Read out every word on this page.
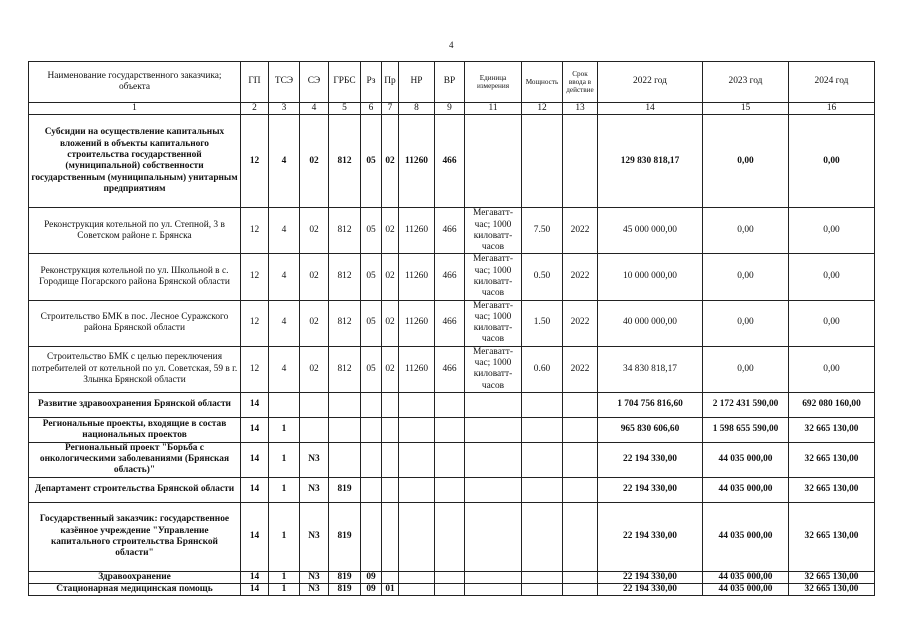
4
Наименование государственного заказчика; объекта	ГП	ТСЭ	СЭ	ГРБС	Рз	Пр	НР	ВР	Единица измерения	Мощность	Срок ввода в действие	2022 год	2023 год	2024 год
1	2	3	4	5	6	7	8	9	11	12	13	14	15	16
Субсидии на осуществление капитальных вложений в объекты капитального строительства государственной (муниципальной) собственности государственным (муниципальным) унитарным предприятиям	12	4	02	812	05	02	11260	466				129 830 818,17	0,00	0,00
Реконструкция котельной по ул. Степной, 3 в Советском районе г. Брянска	12	4	02	812	05	02	11260	466	Мегаватт-час; 1000 киловатт-часов	7.50	2022	45 000 000,00	0,00	0,00
Реконструкция котельной по ул. Школьной в с. Городище Погарского района Брянской области	12	4	02	812	05	02	11260	466	Мегаватт-час; 1000 киловатт-часов	0.50	2022	10 000 000,00	0,00	0,00
Строительство БМК в пос. Лесное Суражского района Брянской области	12	4	02	812	05	02	11260	466	Мегаватт-час; 1000 киловатт-часов	1.50	2022	40 000 000,00	0,00	0,00
Строительство БМК с целью переключения потребителей от котельной по ул. Советская, 59 в г. Злынка Брянской области	12	4	02	812	05	02	11260	466	Мегаватт-час; 1000 киловатт-часов	0.60	2022	34 830 818,17	0,00	0,00
Развитие здравоохранения Брянской области	14											1 704 756 816,60	2 172 431 590,00	692 080 160,00
Региональные проекты, входящие в состав национальных проектов	14	1										965 830 606,60	1 598 655 590,00	32 665 130,00
Региональный проект "Борьба с онкологическими заболеваниями (Брянская область)"	14	1	N3									22 194 330,00	44 035 000,00	32 665 130,00
Департамент строительства Брянской области	14	1	N3	819								22 194 330,00	44 035 000,00	32 665 130,00
Государственный заказчик: государственное казённое учреждение "Управление капитального строительства Брянской области"	14	1	N3	819								22 194 330,00	44 035 000,00	32 665 130,00
Здравоохранение	14	1	N3	819	09							22 194 330,00	44 035 000,00	32 665 130,00
Стационарная медицинская помощь	14	1	N3	819	09	01						22 194 330,00	44 035 000,00	32 665 130,00
